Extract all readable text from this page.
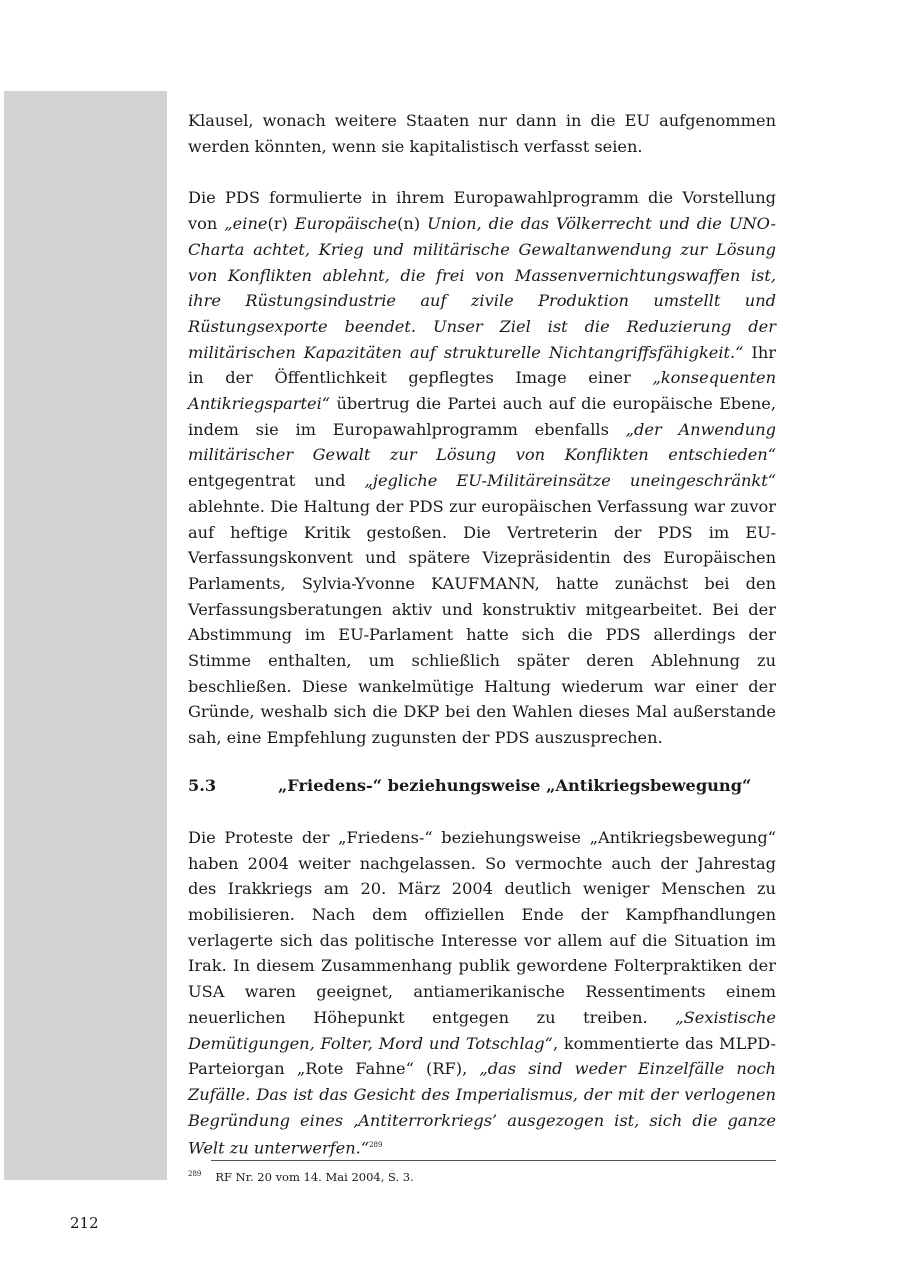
Klausel, wonach weitere Staaten nur dann in die EU aufgenommen werden könnten, wenn sie kapitalistisch verfasst seien.

Die PDS formulierte in ihrem Europawahlprogramm die Vorstellung von „eine(r) Europäische(n) Union, die das Völkerrecht und die UNO-Charta achtet, Krieg und militärische Gewaltanwendung zur Lösung von Konflikten ablehnt, die frei von Massenvernichtungswaffen ist, ihre Rüstungsindustrie auf zivile Produktion umstellt und Rüstungsexporte beendet. Unser Ziel ist die Reduzierung der militärischen Kapazitäten auf strukturelle Nichtangriffsfähigkeit.“ Ihr in der Öffentlichkeit gepflegtes Image einer „konsequenten Antikriegspartei“ übertrug die Partei auch auf die europäische Ebene, indem sie im Europawahlprogramm ebenfalls „der Anwendung militärischer Gewalt zur Lösung von Konflikten entschieden“ entgegentrat und „jegliche EU-Militäreinsätze uneingeschränkt“ ablehnte. Die Haltung der PDS zur europäischen Verfassung war zuvor auf heftige Kritik gestoßen. Die Vertreterin der PDS im EU-Verfassungskonvent und spätere Vizepräsidentin des Europäischen Parlaments, Sylvia-Yvonne KAUFMANN, hatte zunächst bei den Verfassungsberatungen aktiv und konstruktiv mitgearbeitet. Bei der Abstimmung im EU-Parlament hatte sich die PDS allerdings der Stimme enthalten, um schließlich später deren Ablehnung zu beschließen. Diese wankelmütige Haltung wiederum war einer der Gründe, weshalb sich die DKP bei den Wahlen dieses Mal außerstande sah, eine Empfehlung zugunsten der PDS auszusprechen.

5.3	„Friedens-“ beziehungsweise „Antikriegsbewegung“

Die Proteste der „Friedens-“ beziehungsweise „Antikriegsbewegung“ haben 2004 weiter nachgelassen. So vermochte auch der Jahrestag des Irakkriegs am 20. März 2004 deutlich weniger Menschen zu mobilisieren. Nach dem offiziellen Ende der Kampfhandlungen verlagerte sich das politische Interesse vor allem auf die Situation im Irak. In diesem Zusammenhang publik gewordene Folterpraktiken der USA waren geeignet, antiamerikanische Ressentiments einem neuerlichen Höhepunkt entgegen zu treiben. „Sexistische Demütigungen, Folter, Mord und Totschlag“, kommentierte das MLPD-Parteiorgan „Rote Fahne“ (RF), „das sind weder Einzelfälle noch Zufälle. Das ist das Gesicht des Imperialismus, der mit der verlogenen Begründung eines ‚Antiterrorkriegs’ ausgezogen ist, sich die ganze Welt zu unterwerfen.“$^{289}$

$^{289}$ RF Nr. 20 vom 14. Mai 2004, S. 3.
212
